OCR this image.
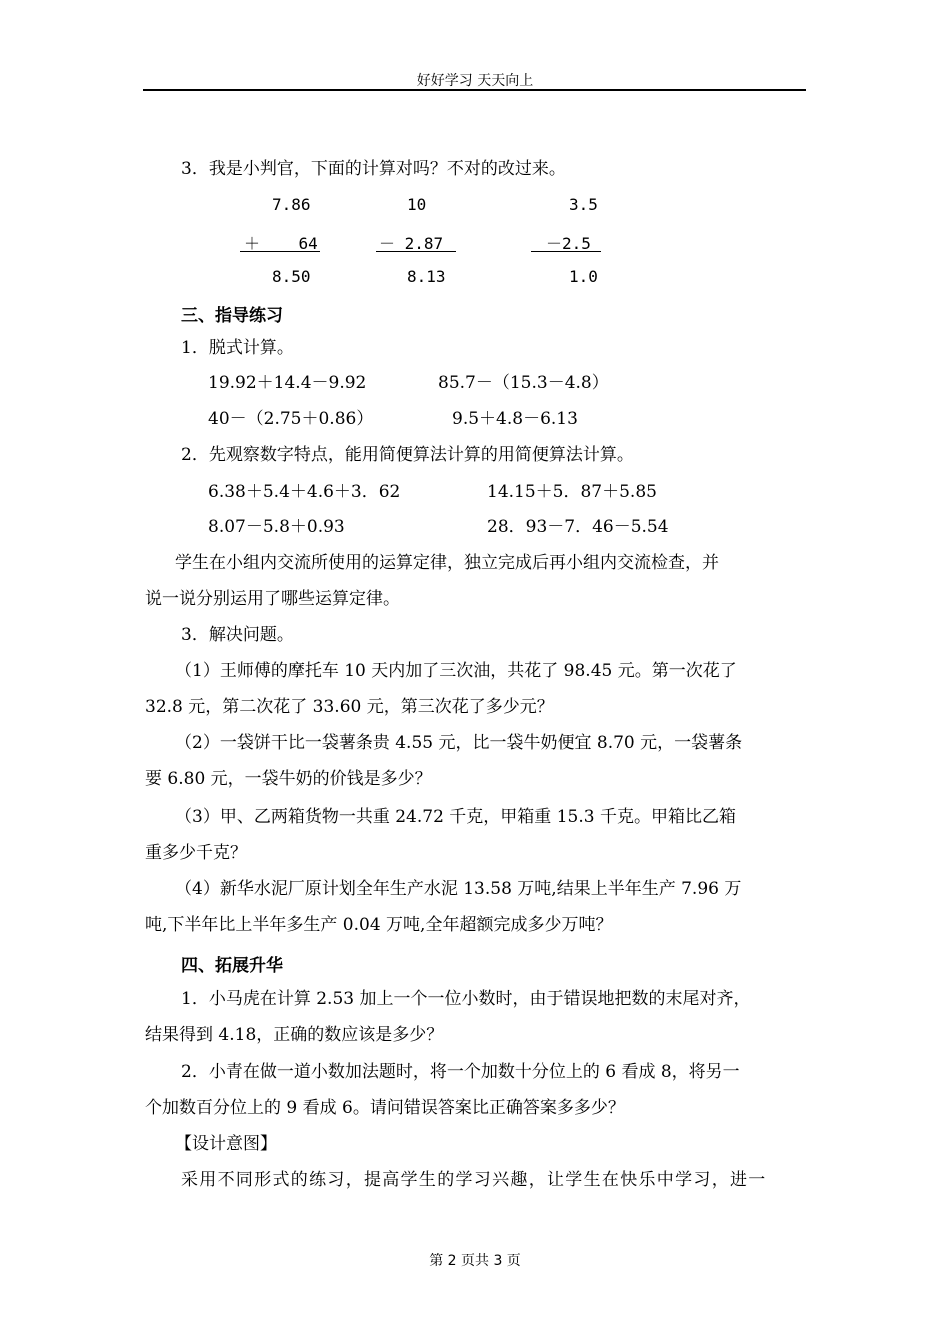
好好学习 天天向上
3．我是小判官，下面的计算对吗？不对的改过来。
7.86	10	3.5
＋    64	－ 2.87	－2.5
8.50	8.13	1.0
三、指导练习
1．脱式计算。
19.92＋14.4－9.92	85.7－（15.3－4.8）
40－（2.75＋0.86）	9.5＋4.8－6.13
2．先观察数字特点，能用简便算法计算的用简便算法计算。
6.38＋5.4＋4.6＋3．62	14.15＋5．87＋5.85
8.07－5.8＋0.93	28．93－7．46－5.54
学生在小组内交流所使用的运算定律，独立完成后再小组内交流检查，并
说一说分别运用了哪些运算定律。
3．解决问题。
（1）王师傅的摩托车 10 天内加了三次油，共花了 98.45 元。第一次花了
32.8 元，第二次花了 33.60 元，第三次花了多少元？
（2）一袋饼干比一袋薯条贵 4.55 元，比一袋牛奶便宜 8.70 元，一袋薯条
要 6.80 元，一袋牛奶的价钱是多少？
（3）甲、乙两箱货物一共重 24.72 千克，甲箱重 15.3 千克。甲箱比乙箱
重多少千克？
（4）新华水泥厂原计划全年生产水泥 13.58 万吨,结果上半年生产 7.96 万
吨,下半年比上半年多生产 0.04 万吨,全年超额完成多少万吨？
四、拓展升华
1．小马虎在计算 2.53 加上一个一位小数时，由于错误地把数的末尾对齐，
结果得到 4.18，正确的数应该是多少？
2．小青在做一道小数加法题时，将一个加数十分位上的 6 看成 8，将另一
个加数百分位上的 9 看成 6。请问错误答案比正确答案多多少？
【设计意图】
采用不同形式的练习，提高学生的学习兴趣，让学生在快乐中学习，进一
第 2 页共 3 页
